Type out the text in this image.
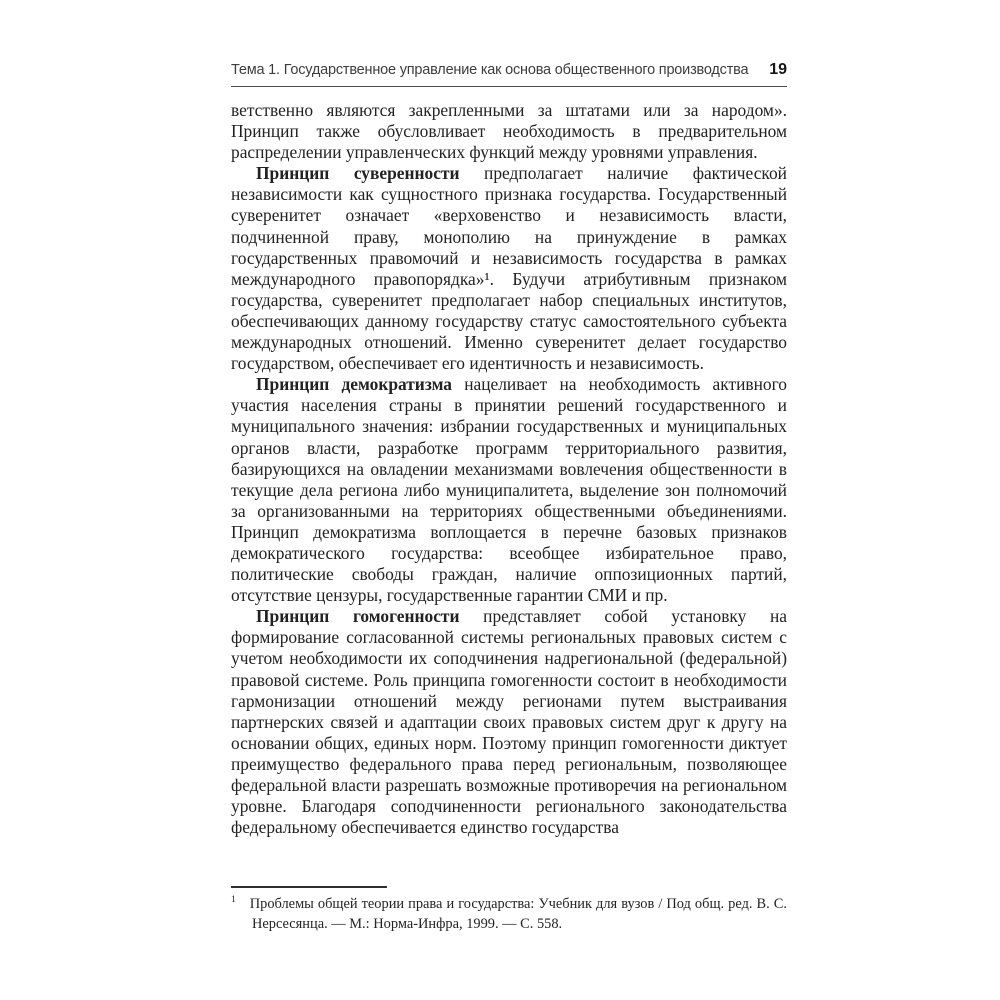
Тема 1. Государственное управление как основа общественного производства 19

ветственно являются закрепленными за штатами или за народом». Принцип также обусловливает необходимость в предварительном распределении управленческих функций между уровнями управления.

Принцип суверенности предполагает наличие фактической независимости как сущностного признака государства. Государственный суверенитет означает «верховенство и независимость власти, подчиненной праву, монополию на принуждение в рамках государственных правомочий и независимость государства в рамках международного правопорядка»¹. Будучи атрибутивным признаком государства, суверенитет предполагает набор специальных институтов, обеспечивающих данному государству статус самостоятельного субъекта международных отношений. Именно суверенитет делает государство государством, обеспечивает его идентичность и независимость.

Принцип демократизма нацеливает на необходимость активного участия населения страны в принятии решений государственного и муниципального значения: избрании государственных и муниципальных органов власти, разработке программ территориального развития, базирующихся на овладении механизмами вовлечения общественности в текущие дела региона либо муниципалитета, выделение зон полномочий за организованными на территориях общественными объединениями. Принцип демократизма воплощается в перечне базовых признаков демократического государства: всеобщее избирательное право, политические свободы граждан, наличие оппозиционных партий, отсутствие цензуры, государственные гарантии СМИ и пр.

Принцип гомогенности представляет собой установку на формирование согласованной системы региональных правовых систем с учетом необходимости их соподчинения надрегиональной (федеральной) правовой системе. Роль принципа гомогенности состоит в необходимости гармонизации отношений между регионами путем выстраивания партнерских связей и адаптации своих правовых систем друг к другу на основании общих, единых норм. Поэтому принцип гомогенности диктует преимущество федерального права перед региональным, позволяющее федеральной власти разрешать возможные противоречия на региональном уровне. Благодаря соподчиненности регионального законодательства федеральному обеспечивается единство государства

$^1$ Проблемы общей теории права и государства: Учебник для вузов / Под общ. ред. В. С. Нерсесянца. — М.: Норма-Инфра, 1999. — С. 558.
